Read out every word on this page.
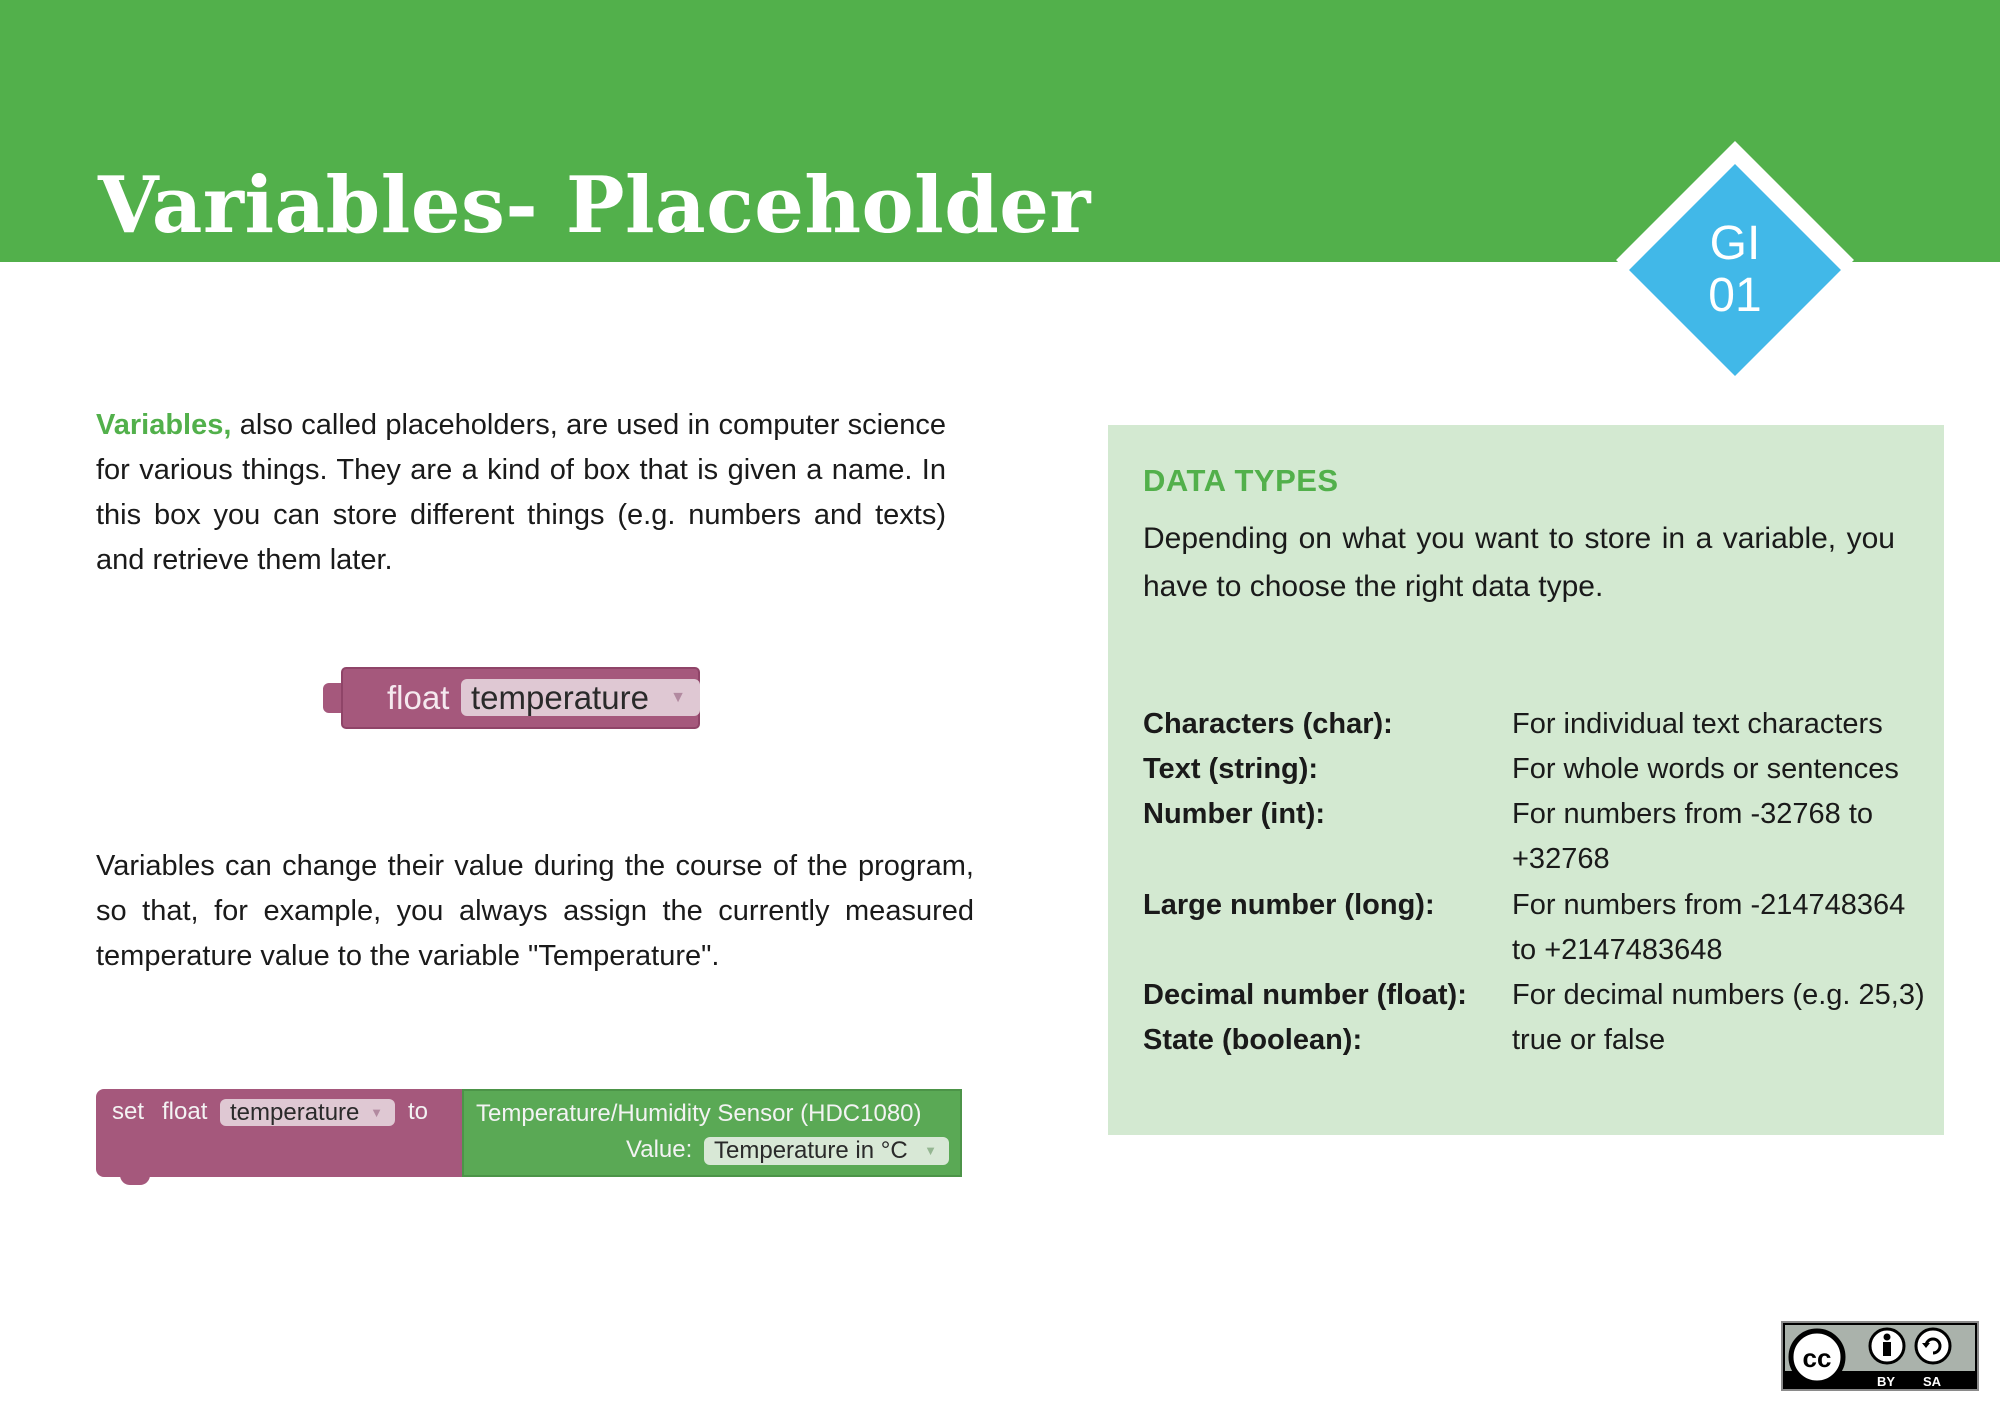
Variables- Placeholder	GI
01
Variables, also called placeholders, are used in computer science for various things. They are a kind of box that is given a name. In this box you can store different things (e.g. numbers and texts) and retrieve them later.
float temperature ▼
Variables can change their value during the course of the program, so that, for example, you always assign the currently measured temperature value to the variable "Temperature".
set float temperature ▼ to Temperature/Humidity Sensor (HDC1080)
Value: Temperature in °C ▼
DATA TYPES
Depending on what you want to store in a variable, you have to choose the right data type.
Characters (char):	For individual text characters
Text (string):	For whole words or sentences
Number (int):	For numbers from -32768 to +32768
Large number (long):	For numbers from -214748364 to +2147483648
Decimal number (float): For decimal numbers (e.g. 25,3)
State (boolean):	true or false
cc
BY SA
